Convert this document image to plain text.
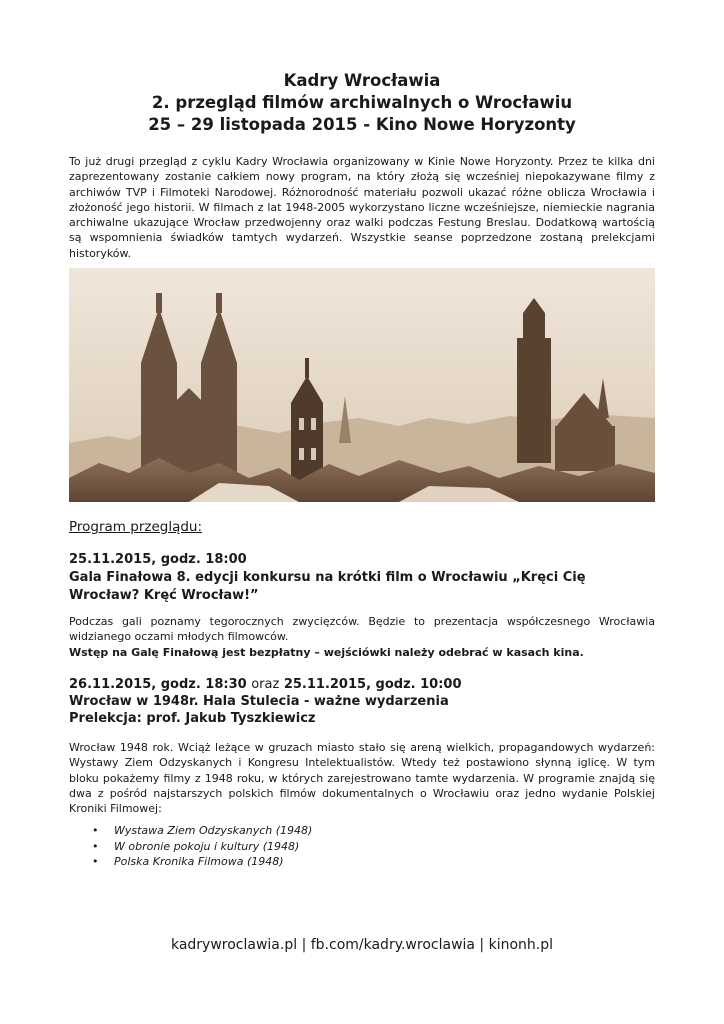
Kadry Wrocławia

2. przegląd filmów archiwalnych o Wrocławiu

25 – 29 listopada 2015 - Kino Nowe Horyzonty

To już drugi przegląd z cyklu Kadry Wrocławia organizowany w Kinie Nowe Horyzonty. Przez te kilka dni zaprezentowany zostanie całkiem nowy program, na który złożą się wcześniej niepokazywane filmy z archiwów TVP i Filmoteki Narodowej. Różnorodność materiału pozwoli ukazać różne oblicza Wrocławia i złożoność jego historii. W filmach z lat 1948-2005 wykorzystano liczne wcześniejsze, niemieckie nagrania archiwalne ukazujące Wrocław przedwojenny oraz walki podczas Festung Breslau. Dodatkową wartością są wspomnienia świadków tamtych wydarzeń. Wszystkie seanse poprzedzone zostaną prelekcjami historyków.

Program przeglądu:

25.11.2015, godz. 18:00

Gala Finałowa 8. edycji konkursu na krótki film o Wrocławiu „Kręci Cię Wrocław? Kręć Wrocław!”

Podczas gali poznamy tegorocznych zwycięzców. Będzie to prezentacja współczesnego Wrocławia widzianego oczami młodych filmowców.
Wstęp na Galę Finałową jest bezpłatny – wejściówki należy odebrać w kasach kina.

26.11.2015, godz. 18:30 oraz 25.11.2015, godz. 10:00

Wrocław w 1948r. Hala Stulecia - ważne wydarzenia

Prelekcja: prof. Jakub Tyszkiewicz

Wrocław 1948 rok. Wciąż leżące w gruzach miasto stało się areną wielkich, propagandowych wydarzeń: Wystawy Ziem Odzyskanych i Kongresu Intelektualistów. Wtedy też postawiono słynną iglicę. W tym bloku pokażemy filmy z 1948 roku, w których zarejestrowano tamte wydarzenia. W programie znajdą się dwa z pośród najstarszych polskich filmów dokumentalnych o Wrocławiu oraz jedno wydanie Polskiej Kroniki Filmowej:

• Wystawa Ziem Odzyskanych (1948)
• W obronie pokoju i kultury (1948)
• Polska Kronika Filmowa (1948)

kadrywroclawia.pl | fb.com/kadry.wroclawia | kinonh.pl
